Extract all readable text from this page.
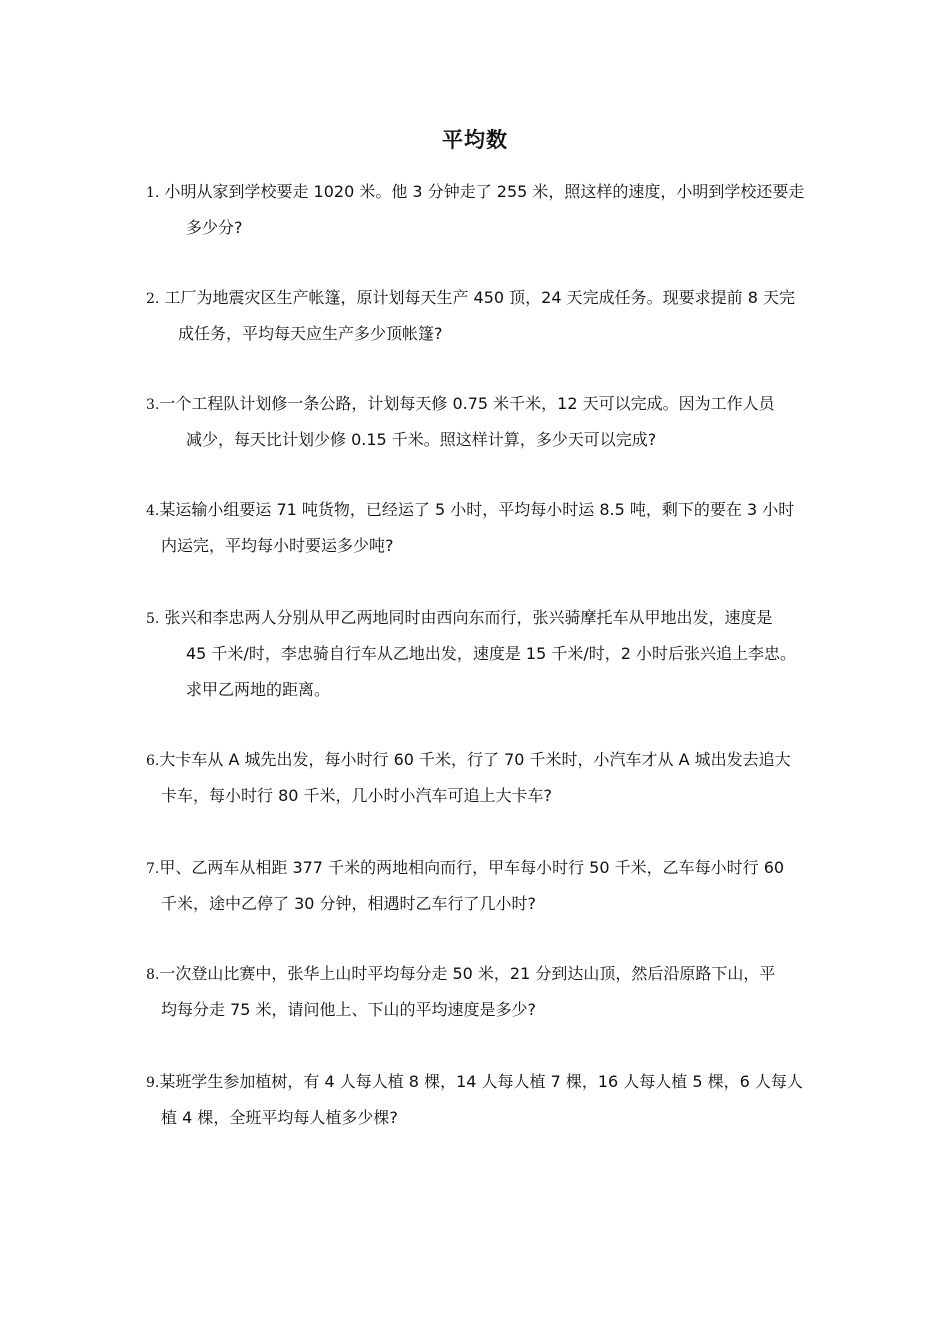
平均数
1. 小明从家到学校要走 1020 米。他 3 分钟走了 255 米，照这样的速度，小明到学校还要走
多少分?
2. 工厂为地震灾区生产帐篷，原计划每天生产 450 顶，24 天完成任务。现要求提前 8 天完
成任务，平均每天应生产多少顶帐篷?
3.一个工程队计划修一条公路，计划每天修 0.75 米千米，12 天可以完成。因为工作人员
减少，每天比计划少修 0.15 千米。照这样计算，多少天可以完成?
4.某运输小组要运 71 吨货物，已经运了 5 小时，平均每小时运 8.5 吨，剩下的要在 3 小时
内运完，平均每小时要运多少吨?
5. 张兴和李忠两人分别从甲乙两地同时由西向东而行，张兴骑摩托车从甲地出发，速度是
45 千米/时，李忠骑自行车从乙地出发，速度是 15 千米/时，2 小时后张兴追上李忠。
求甲乙两地的距离。
6.大卡车从 A 城先出发，每小时行 60 千米，行了 70 千米时，小汽车才从 A 城出发去追大
卡车，每小时行 80 千米，几小时小汽车可追上大卡车?
7.甲、乙两车从相距 377 千米的两地相向而行，甲车每小时行 50 千米，乙车每小时行 60
千米，途中乙停了 30 分钟，相遇时乙车行了几小时?
8.一次登山比赛中，张华上山时平均每分走 50 米，21 分到达山顶，然后沿原路下山，平
均每分走 75 米，请问他上、下山的平均速度是多少?
9.某班学生参加植树，有 4 人每人植 8 棵，14 人每人植 7 棵，16 人每人植 5 棵，6 人每人
植 4 棵，全班平均每人植多少棵?
